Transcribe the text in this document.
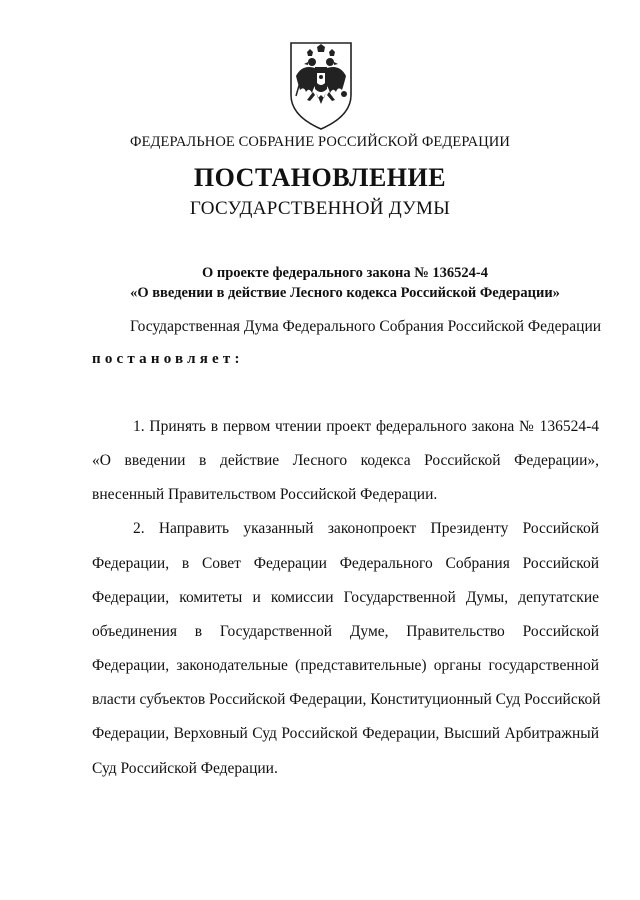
ФЕДЕРАЛЬНОЕ СОБРАНИЕ РОССИЙСКОЙ ФЕДЕРАЦИИ
ПОСТАНОВЛЕНИЕ
ГОСУДАРСТВЕННОЙ ДУМЫ
О проекте федерального закона № 136524-4
«О введении в действие Лесного кодекса Российской Федерации»
Государственная Дума Федерального Собрания Российской Федерации
постановляет:
1. Принять в первом чтении проект федерального закона № 136524-4
«О введении в действие Лесного кодекса Российской Федерации»,
внесенный Правительством Российской Федерации.
2. Направить указанный законопроект Президенту Российской
Федерации, в Совет Федерации Федерального Собрания Российской
Федерации, комитеты и комиссии Государственной Думы, депутатские
объединения в Государственной Думе, Правительство Российской
Федерации, законодательные (представительные) органы государственной
власти субъектов Российской Федерации, Конституционный Суд Российской
Федерации, Верховный Суд Российской Федерации, Высший Арбитражный
Суд Российской Федерации.
